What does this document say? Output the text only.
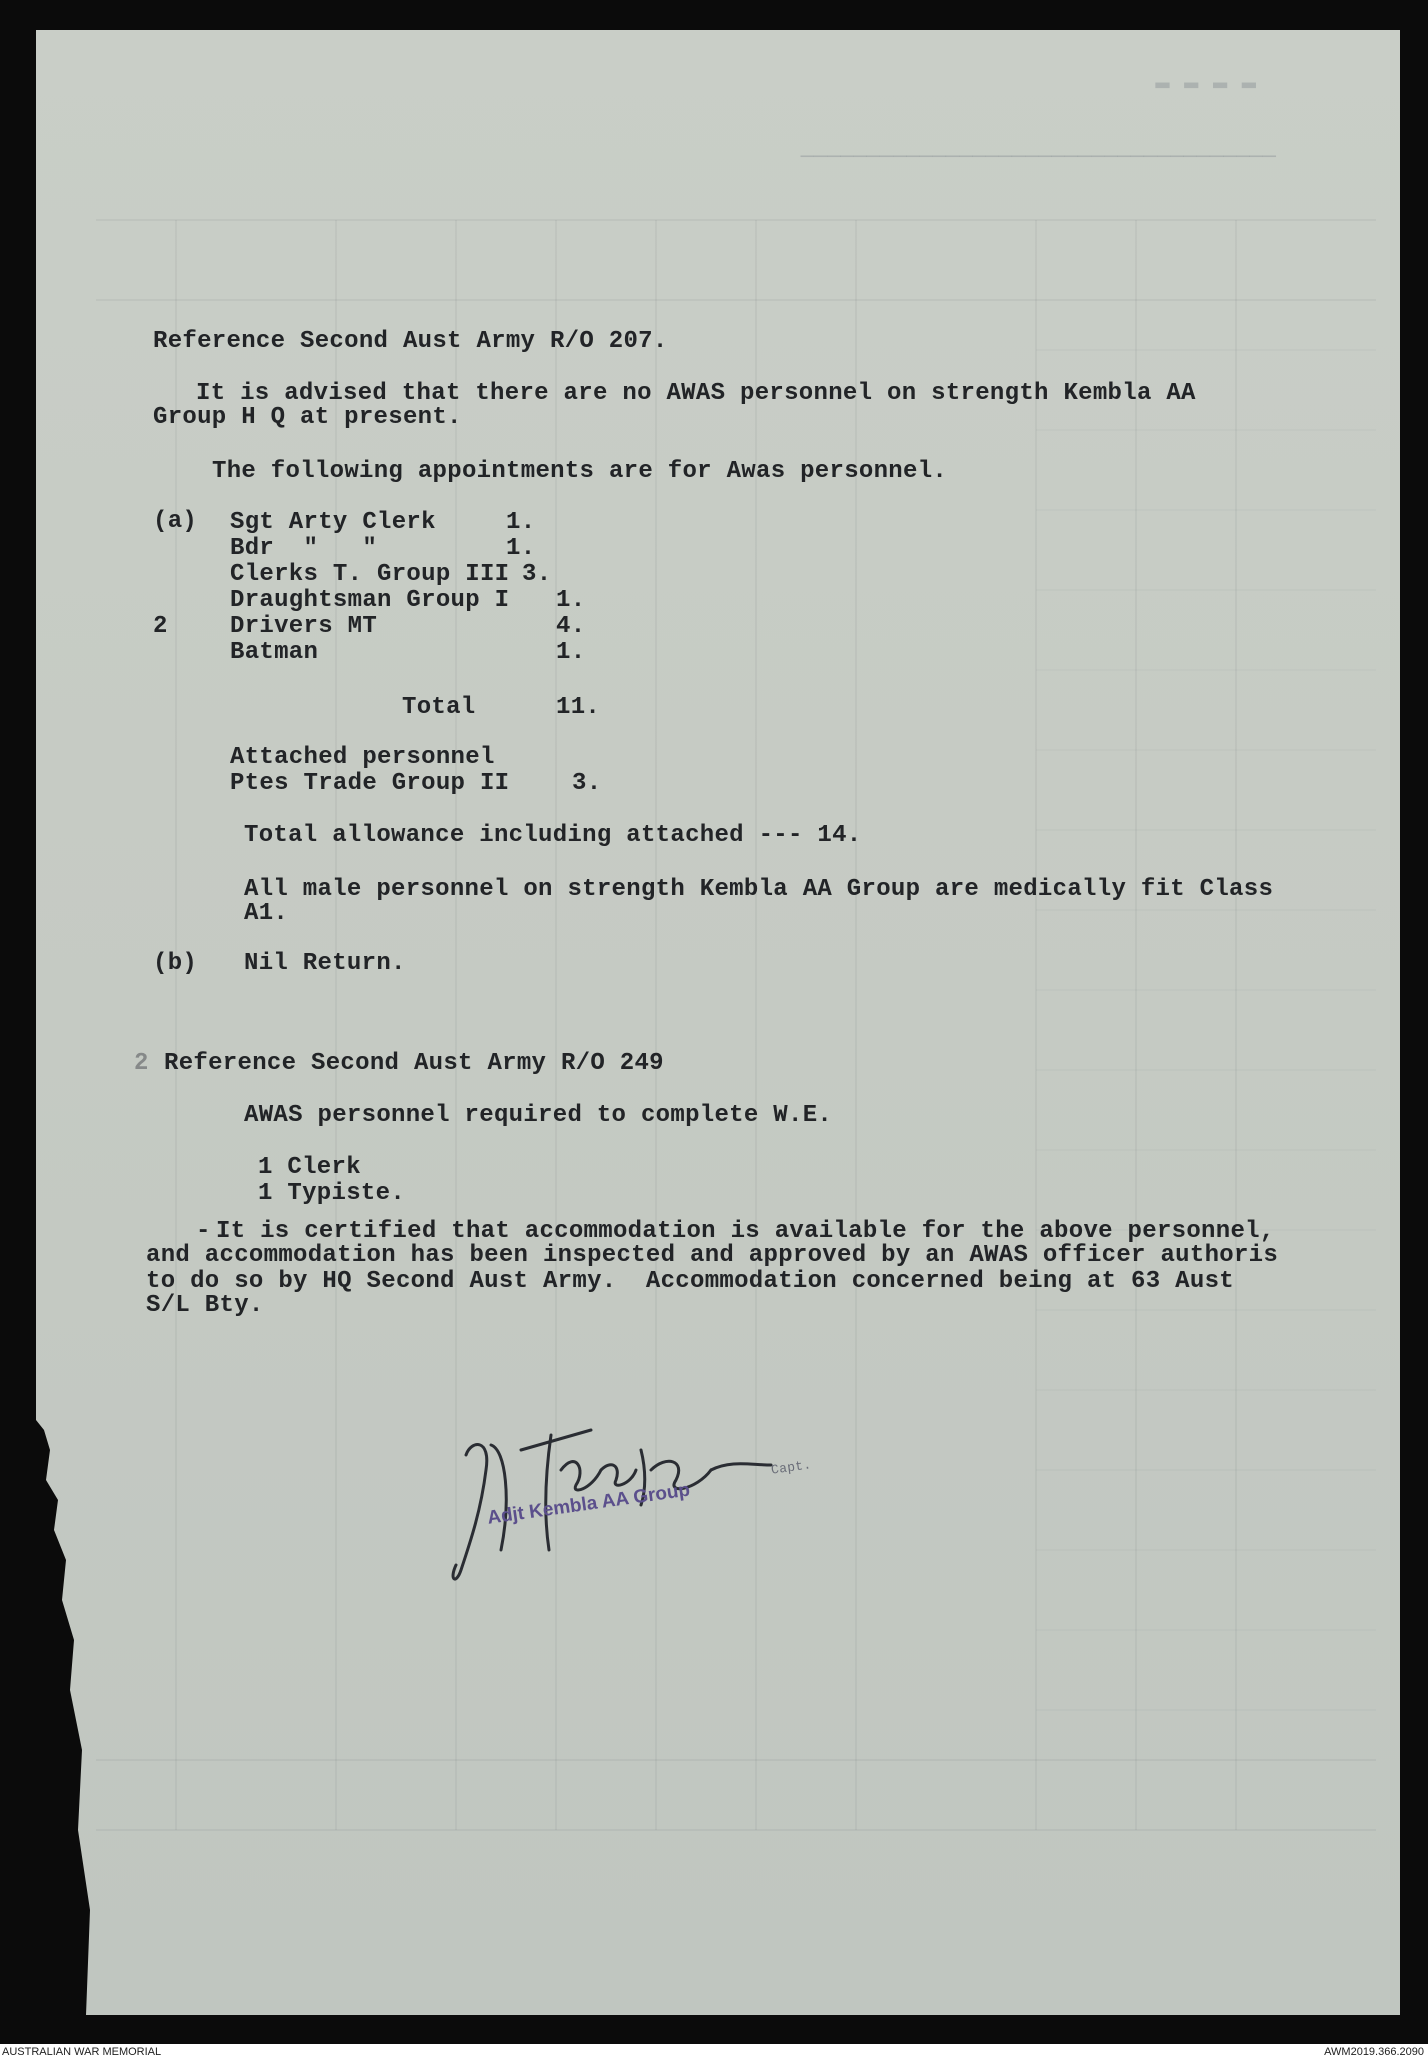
▬ ▬ ▬ ▬
────────────────────────────────────
Reference Second Aust Army R/O 207.
It is advised that there are no AWAS personnel on strength Kembla AA
Group H Q at present.
The following appointments are for Awas personnel.
(a) Sgt Arty Clerk	1.
Bdr  "   "	1.
Clerks T. Group III 3.
Draughtsman Group I 1.
2	Drivers MT	4.
Batman	1.
Total	11.
Attached personnel
Ptes Trade Group II	3.
Total allowance including attached --- 14.
All male personnel on strength Kembla AA Group are medically fit Class
A1.
(b) Nil Return.
2 Reference Second Aust Army R/O 249
AWAS personnel required to complete W.E.
1 Clerk
1 Typiste.
- It is certified that accommodation is available for the above personnel,
and accommodation has been inspected and approved by an AWAS officer authoris
to do so by HQ Second Aust Army.  Accommodation concerned being at 63 Aust
S/L Bty.
Adjt Kembla AA Group
Capt.
AUSTRALIAN WAR MEMORIAL	AWM2019.366.2090
